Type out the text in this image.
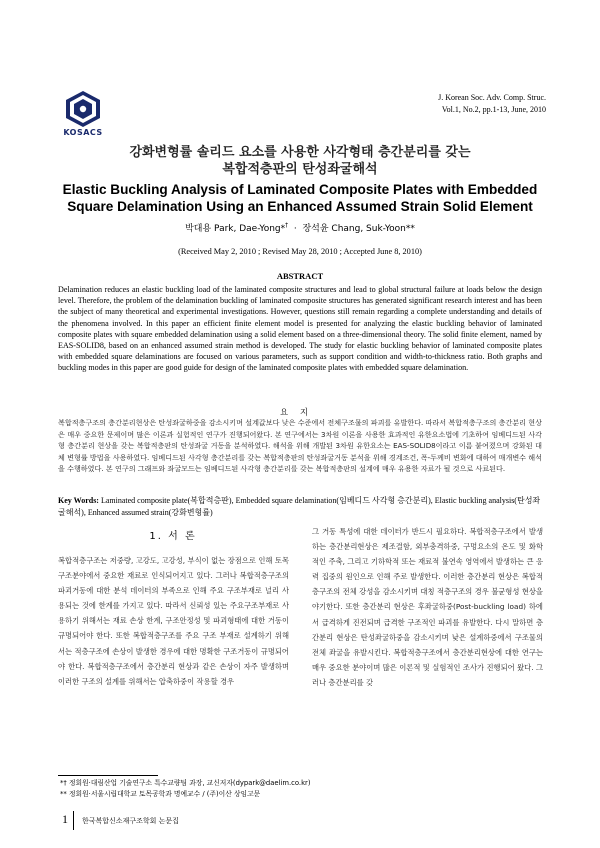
KOSACS
J. Korean Soc. Adv. Comp. Struc.
Vol.1, No.2, pp.1-13, June, 2010
강화변형률 솔리드 요소를 사용한 사각형태 층간분리를 갖는
복합적층판의 탄성좌굴해석
Elastic Buckling Analysis of Laminated Composite Plates with Embedded
Square Delamination Using an Enhanced Assumed Strain Solid Element
박대용 Park, Dae-Yong*† · 장석윤 Chang, Suk-Yoon**
(Received May 2, 2010 ; Revised May 28, 2010 ; Accepted June 8, 2010)
ABSTRACT
Delamination reduces an elastic buckling load of the laminated composite structures and lead to global structural failure at loads below the design level. Therefore, the problem of the delamination buckling of laminated composite structures has generated significant research interest and has been the subject of many theoretical and experimental investigations. However, questions still remain regarding a complete understanding and details of the phenomena involved. In this paper an efficient finite element model is presented for analyzing the elastic buckling behavior of laminated composite plates with square embedded delamination using a solid element based on a three-dimensional theory. The solid finite element, named by EAS-SOLID8, based on an enhanced assumed strain method is developed. The study for elastic buckling behavior of laminated composite plates with embedded square delaminations are focused on various parameters, such as support condition and width-to-thickness ratio. Both graphs and buckling modes in this paper are good guide for design of the laminated composite plates with embedded square delamination.
요지
복합적층구조의 층간분리현상은 탄성좌굴하중을 감소시키며 설계값보다 낮은 수준에서 전체구조물의 파괴를 유발한다. 따라서 복합적층구조의 층간분리 현상은 매우 중요한 문제이며 많은 이론과 실험적인 연구가 진행되어왔다. 본 연구에서는 3차원 이론을 사용한 효과적인 유한요소법에 기초하여 임베디드된 사각형 층간분리 현상을 갖는 복합적층판의 탄성좌굴 거동을 분석하였다. 해석을 위해 개발된 3차원 유한요소는 EAS-SOLID8이라고 이름 붙여졌으며 강화된 대체 변형률 방법을 사용하였다. 임베디드된 사각형 층간분리를 갖는 복합적층판의 탄성좌굴거동 분석을 위해 경계조건, 폭-두께비 변화에 대하여 매개변수 해석을 수행하였다. 본 연구의 그래프와 좌굴모드는 임베디드된 사각형 층간분리를 갖는 복합적층판의 설계에 매우 유용한 자료가 될 것으로 사료된다.
Key Words: Laminated composite plate(복합적층판), Embedded square delamination(임베디드 사각형 층간분리), Elastic buckling analysis(탄성좌굴해석), Enhanced assumed strain(강화변형률)
1. 서 론
복합적층구조는 저중량, 고강도, 고강성, 부식이 없는 장점으로 인해 토목구조분야에서 중요한 재료로 인식되어지고 있다. 그러나 복합적층구조의 파괴거동에 대한 분석 데이터의 부족으로 인해 주요 구조부재로 널리 사용되는 것에 한계를 가지고 있다. 따라서 신뢰성 있는 주요구조부재로 사용하기 위해서는 재료 손상 한계, 구조안정성 및 파괴형태에 대한 거동이 규명되어야 한다. 또한 복합적층구조를 주요 구조 부재로 설계하기 위해서는 적층구조에 손상이 발생한 경우에 대한 명확한 구조거동이 규명되어야 한다. 복합적층구조에서 층간분리 현상과 같은 손상이 자주 발생하며 이러한 구조의 설계를 위해서는 압축하중이 작용할 경우
그 거동 특성에 대한 데이터가 반드시 필요하다. 복합적층구조에서 발생하는 층간분리현상은 제조결함, 외부충격하중, 구멍요소의 온도 및 화학적인 주축, 그리고 기하학적 또는 재료적 불연속 영역에서 발생하는 큰 응력 집중의 원인으로 인해 주로 발생한다. 이러한 층간분리 현상은 복합적층구조의 전체 강성을 감소시키며 대칭 적층구조의 경우 불균형성 현상을 야기한다. 또한 층간분리 현상은 후좌굴하중(Post-buckling load) 하에서 급격하게 진전되며 급격한 구조적인 파괴를 유발한다. 다시 말하면 층간분리 현상은 탄성좌굴하중을 감소시키며 낮은 설계하중에서 구조물의 전체 좌굴을 유발시킨다. 복합적층구조에서 층간분리현상에 대한 연구는 매우 중요한 분야이며 많은 이론적 및 실험적인 조사가 진행되어 왔다. 그러나 층간분리를 갖
*† 정회원·대림산업 기술연구소 특수교량팀 과장, 교신저자(dypark@daelim.co.kr)
** 정회원·서울시립대학교 토목공학과 명예교수 / (주)이산 상임고문
1 한국복합신소재구조학회 논문집
